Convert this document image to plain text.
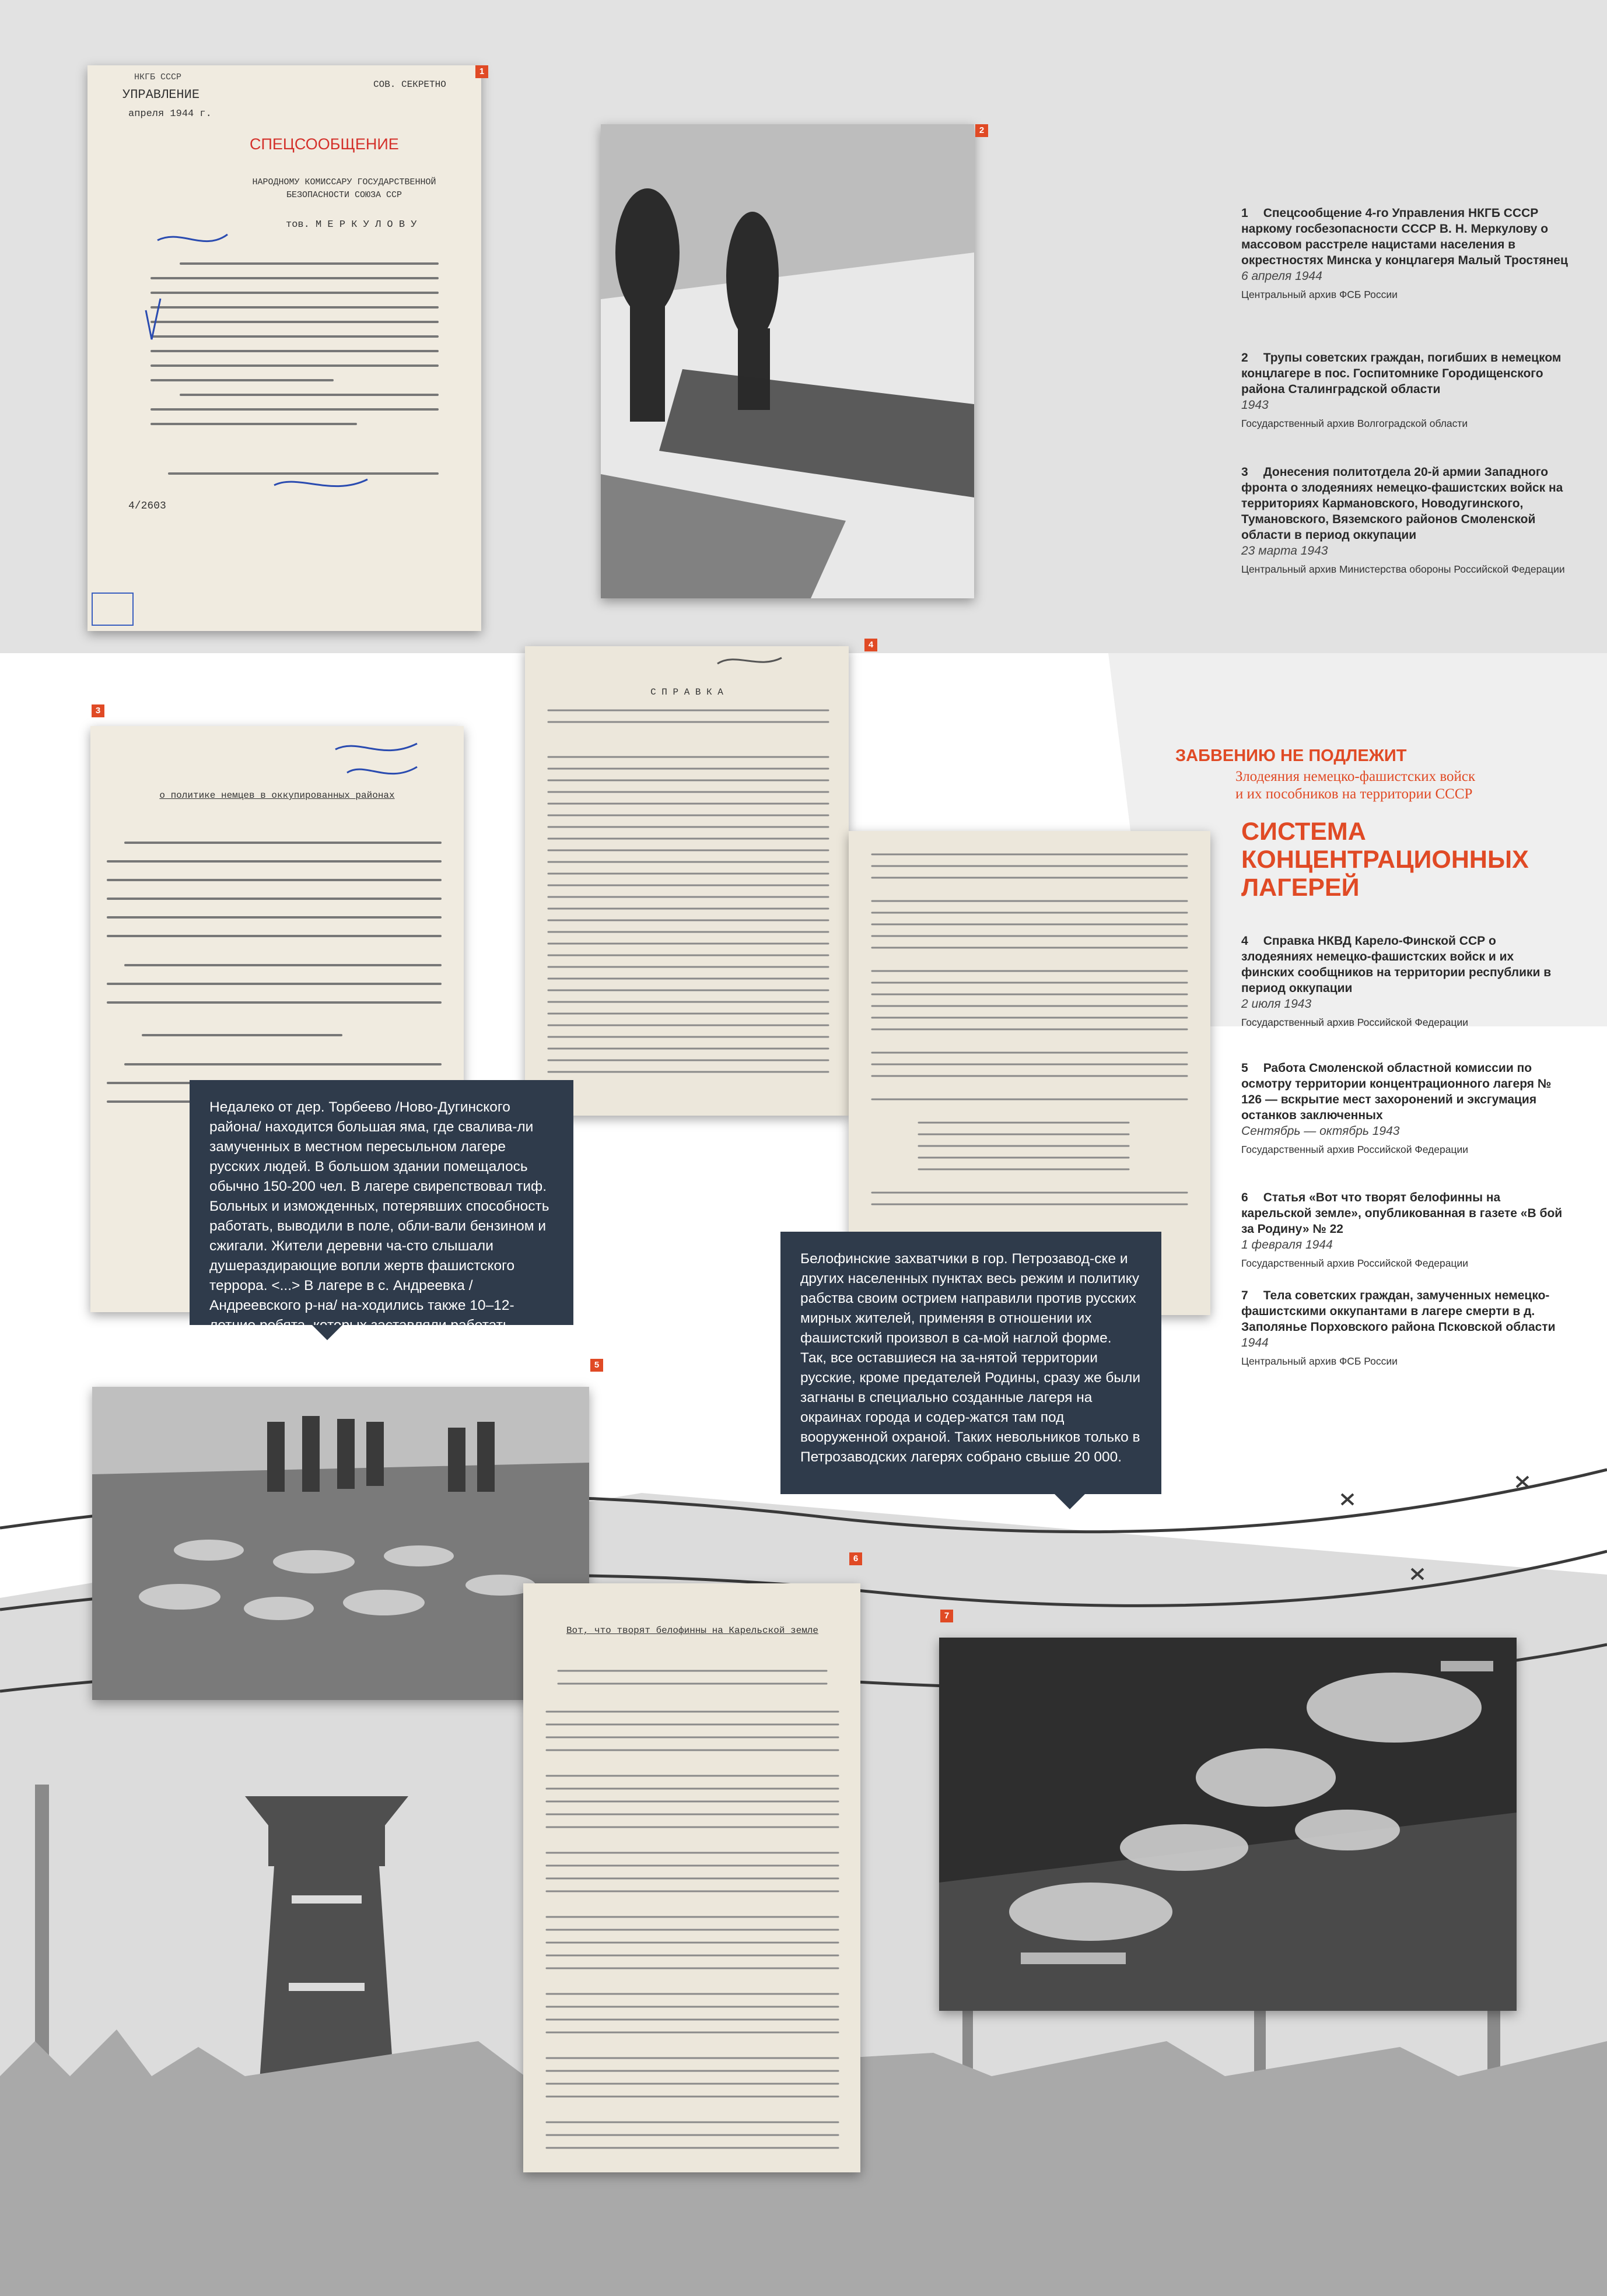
НКГБ СССР
УПРАВЛЕНИЕ
апреля 1944 г.
СОВ. СЕКРЕТНО
СПЕЦСООБЩЕНИЕ
НАРОДНОМУ КОМИССАРУ ГОСУДАРСТВЕННОЙ БЕЗОПАСНОСТИ СОЮЗА ССР
тов. М Е Р К У Л О В У
4/2603
1
2
о политике немцев в оккупированных районах
3
С П Р А В К А
4
Недалеко от дер. Торбеево /Ново-Дугинского района/ находится большая яма, где свалива-ли замученных в местном пересыльном лагере русских людей. В большом здании помещалось обычно 150-200 чел. В лагере свирепствовал тиф. Больных и изможденных, потерявших способность работать, выводили в поле, обли-вали бензином и сжигали. Жители деревни ча-сто слышали душераздирающие вопли жертв фашистского террора. <...> В лагере в с. Андреевка /Андреевского р-на/ на-ходились также 10–12-летние ребята, которых заставляли работать наряду со взрослыми.
Белофинские захватчики в гор. Петрозавод-ске и других населенных пунктах весь режим и политику рабства своим острием направили против русских мирных жителей, применяя в отношении их фашистский произвол в са-мой наглой форме. Так, все оставшиеся на за-нятой территории русские, кроме предателей Родины, сразу же были загнаны в специально созданные лагеря на окраинах города и содер-жатся там под вооруженной охраной. Таких невольников только в Петрозаводских лагерях собрано свыше 20 000.
5
Вот, что творят белофинны на Карельской земле
6
7
ЗАБВЕНИЮ НЕ ПОДЛЕЖИТ
Злодеяния немецко-фашистских войск
и их пособников на территории СССР
СИСТЕМА
КОНЦЕНТРАЦИОННЫХ
ЛАГЕРЕЙ
1 Спецсообщение 4-го Управления НКГБ СССР наркому госбезопасности СССР В. Н. Меркулову о массовом расстреле нацистами населения в окрестностях Минска у концлагеря Малый Тростянец
6 апреля 1944
Центральный архив ФСБ России
2 Трупы советских граждан, погибших в немецком концлагере в пос. Госпитомнике Городищенского района Сталинградской области
1943
Государственный архив Волгоградской области
3 Донесения политотдела 20-й армии Западного фронта о злодеяниях немецко-фашистских войск на территориях Кармановского, Новодугинского, Тумановского, Вяземского районов Смоленской области в период оккупации
23 марта 1943
Центральный архив Министерства обороны Российской Федерации
4 Справка НКВД Карело-Финской ССР о злодеяниях немецко-фашистских войск и их финских сообщников на территории республики в период оккупации
2 июля 1943
Государственный архив Российской Федерации
5 Работа Смоленской областной комиссии по осмотру территории концентрационного лагеря № 126 — вскрытие мест захоронений и эксгумация останков заключенных
Сентябрь — октябрь 1943
Государственный архив Российской Федерации
6 Статья «Вот что творят белофинны на карельской земле», опубликованная в газете «В бой за Родину» № 22
1 февраля 1944
Государственный архив Российской Федерации
7 Тела советских граждан, замученных немецко-фашистскими оккупантами в лагере смерти в д. Заполянье Порховского района Псковской области
1944
Центральный архив ФСБ России
